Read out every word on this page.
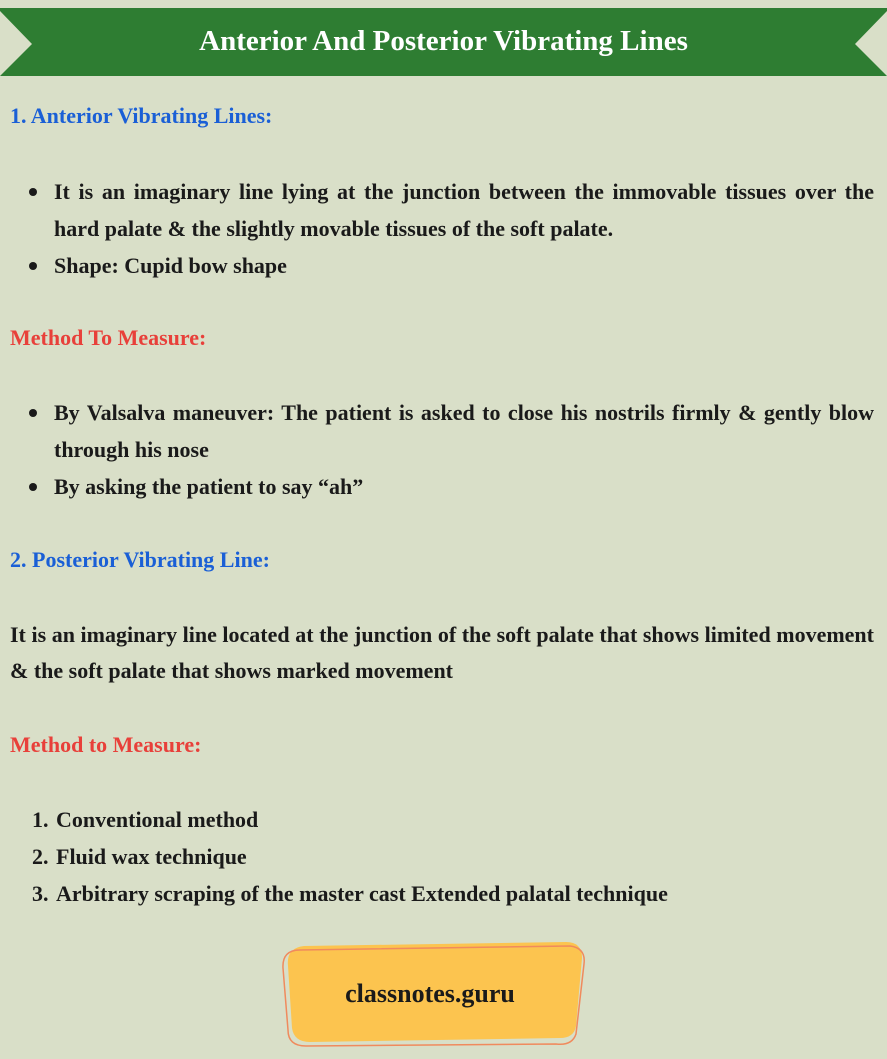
Anterior And Posterior Vibrating Lines
1. Anterior Vibrating Lines:
It is an imaginary line lying at the junction between the immovable tissues over the hard palate & the slightly movable tissues of the soft palate.
Shape: Cupid bow shape
Method To Measure:
By Valsalva maneuver: The patient is asked to close his nostrils firmly & gently blow through his nose
By asking the patient to say “ah”
2. Posterior Vibrating Line:
It is an imaginary line located at the junction of the soft palate that shows limited movement & the soft palate that shows marked movement
Method to Measure:
1. Conventional method
2. Fluid wax technique
3. Arbitrary scraping of the master cast Extended palatal technique
classnotes.guru
